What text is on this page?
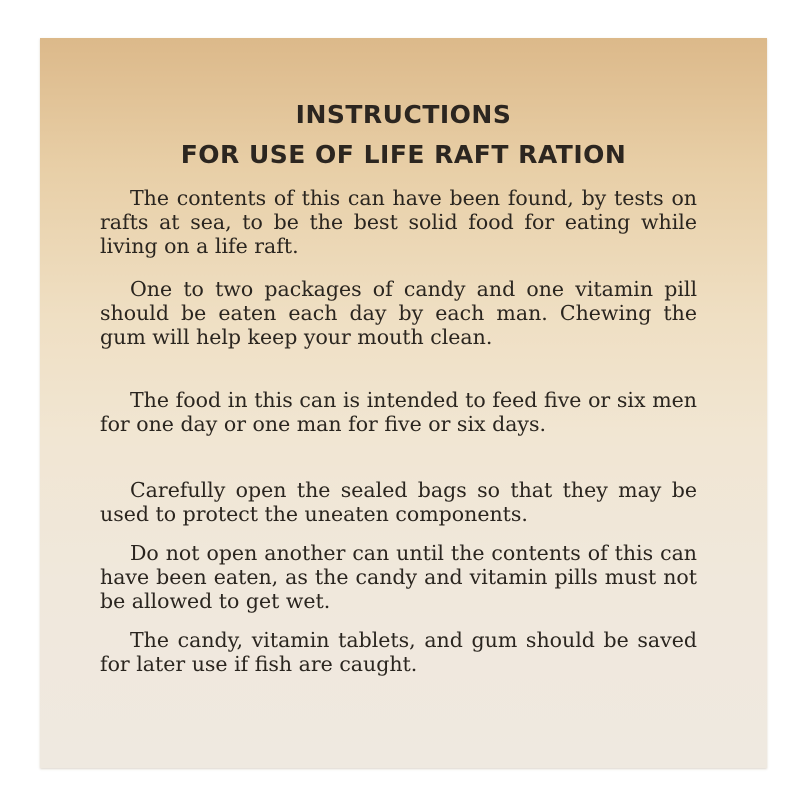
INSTRUCTIONS
FOR USE OF LIFE RAFT RATION

The contents of this can have been found, by tests on rafts at sea, to be the best solid food for eating while living on a life raft.

One to two packages of candy and one vitamin pill should be eaten each day by each man. Chewing the gum will help keep your mouth clean.

The food in this can is intended to feed five or six men for one day or one man for five or six days.

Carefully open the sealed bags so that they may be used to protect the uneaten components.

Do not open another can until the contents of this can have been eaten, as the candy and vitamin pills must not be allowed to get wet.

The candy, vitamin tablets, and gum should be saved for later use if fish are caught.
